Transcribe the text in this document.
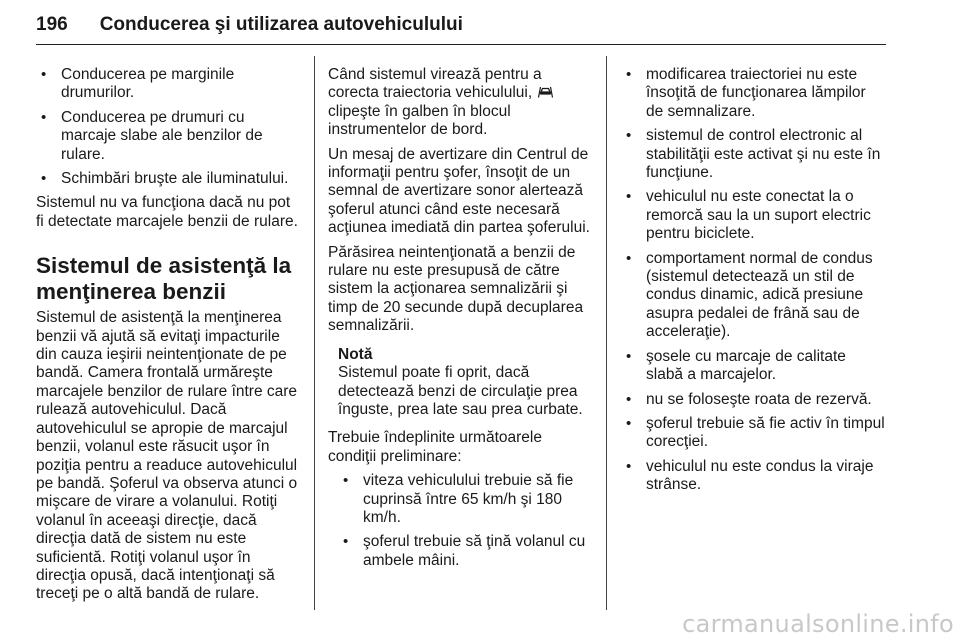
196 Conducerea şi utilizarea autovehiculului
• Conducerea pe marginile drumurilor.
• Conducerea pe drumuri cu marcaje slabe ale benzilor de rulare.
• Schimbări bruşte ale iluminatului.

Sistemul nu va funcţiona dacă nu pot fi detectate marcajele benzii de rulare.

Sistemul de asistenţă la menţinerea benzii

Sistemul de asistenţă la menţinerea benzii vă ajută să evitaţi impacturile din cauza ieşirii neintenţionate de pe bandă. Camera frontală urmăreşte marcajele benzilor de rulare între care rulează autovehiculul. Dacă autovehiculul se apropie de marcajul benzii, volanul este răsucit uşor în poziţia pentru a readuce autovehiculul pe bandă. Şoferul va observa atunci o mişcare de virare a volanului. Rotiţi volanul în aceeaşi direcţie, dacă direcţia dată de sistem nu este suficientă. Rotiţi volanul uşor în direcţia opusă, dacă intenţionaţi să treceţi pe o altă bandă de rulare.

Când sistemul virează pentru a corecta traiectoria vehiculului,
clipeşte în galben în blocul instrumentelor de bord.

Un mesaj de avertizare din Centrul de informaţii pentru şofer, însoţit de un semnal de avertizare sonor alertează şoferul atunci când este necesară acţiunea imediată din partea şoferului.

Părăsirea neintenţionată a benzii de rulare nu este presupusă de către sistem la acţionarea semnalizării şi timp de 20 secunde după decuplarea semnalizării.

Notă
Sistemul poate fi oprit, dacă detectează benzi de circulaţie prea înguste, prea late sau prea curbate.

Trebuie îndeplinite următoarele condiţii preliminare:

• viteza vehiculului trebuie să fie cuprinsă între 65 km/h şi 180 km/h.
• şoferul trebuie să ţină volanul cu ambele mâini.
• modificarea traiectoriei nu este însoţită de funcţionarea lămpilor de semnalizare.
• sistemul de control electronic al stabilităţii este activat şi nu este în funcţiune.
• vehiculul nu este conectat la o remorcă sau la un suport electric pentru biciclete.
• comportament normal de condus (sistemul detectează un stil de condus dinamic, adică presiune asupra pedalei de frână sau de acceleraţie).
• şosele cu marcaje de calitate slabă a marcajelor.
• nu se foloseşte roata de rezervă.
• şoferul trebuie să fie activ în timpul corecţiei.
• vehiculul nu este condus la viraje strânse.
carmanualsonline.info
